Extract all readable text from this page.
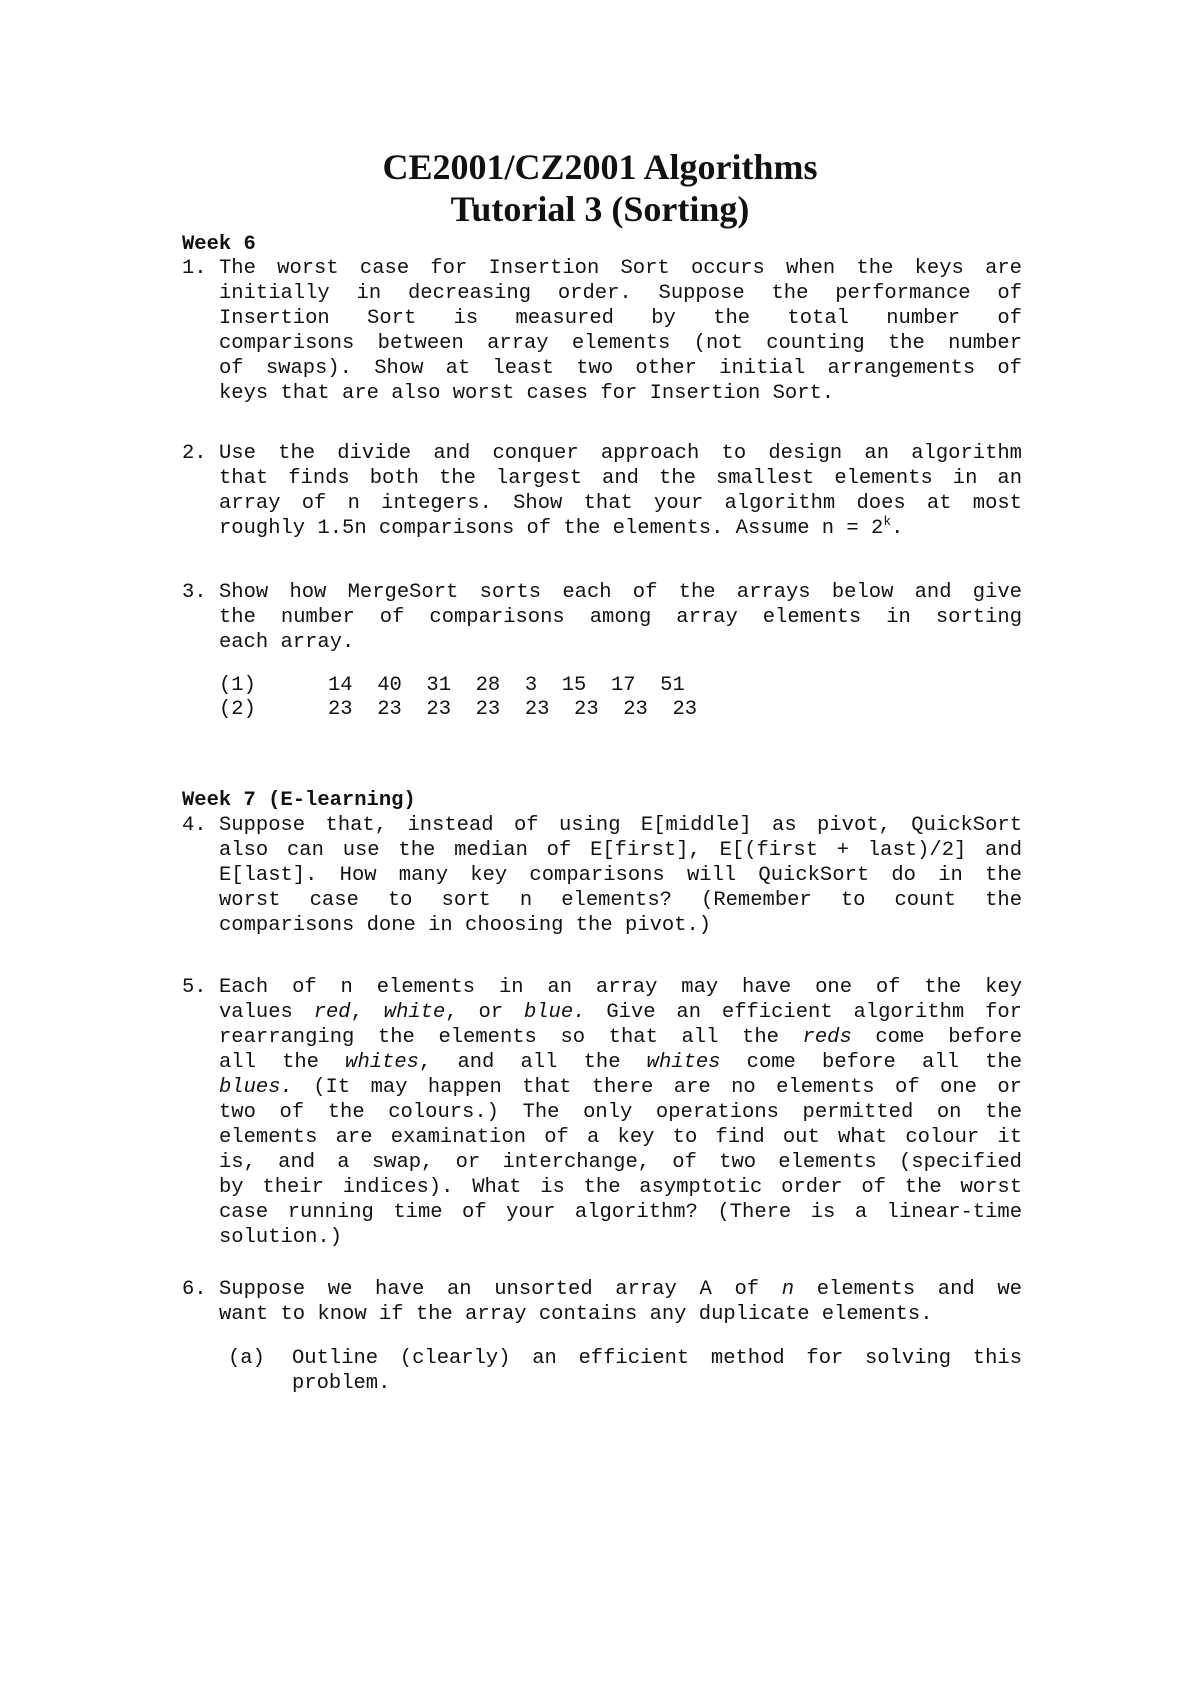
CE2001/CZ2001 Algorithms
Tutorial 3 (Sorting)
Week 6
1. The worst case for Insertion Sort occurs when the keys are
initially in decreasing order. Suppose the performance of
Insertion Sort is measured by the total number of
comparisons between array elements (not counting the number
of swaps). Show at least two other initial arrangements of
keys that are also worst cases for Insertion Sort.
2. Use the divide and conquer approach to design an algorithm
that finds both the largest and the smallest elements in an
array of n integers. Show that your algorithm does at most
roughly 1.5n comparisons of the elements. Assume $n = 2^k$.
3. Show how MergeSort sorts each of the arrays below and give
the number of comparisons among array elements in sorting
each array.
(1)	14  40  31  28  3  15  17  51
(2)	23  23  23  23  23  23  23  23
Week 7 (E-learning)
4. Suppose that, instead of using E[middle] as pivot, QuickSort
also can use the median of E[first], E[(first + last)/2] and
E[last]. How many key comparisons will QuickSort do in the
worst case to sort n elements? (Remember to count the
comparisons done in choosing the pivot.)
5. Each of n elements in an array may have one of the key
values red, white, or blue. Give an efficient algorithm for
rearranging the elements so that all the reds come before
all the whites, and all the whites come before all the
blues. (It may happen that there are no elements of one or
two of the colours.) The only operations permitted on the
elements are examination of a key to find out what colour it
is, and a swap, or interchange, of two elements (specified
by their indices). What is the asymptotic order of the worst
case running time of your algorithm? (There is a linear-time
solution.)
6. Suppose we have an unsorted array A of n elements and we
want to know if the array contains any duplicate elements.
(a) Outline (clearly) an efficient method for solving this
problem.
